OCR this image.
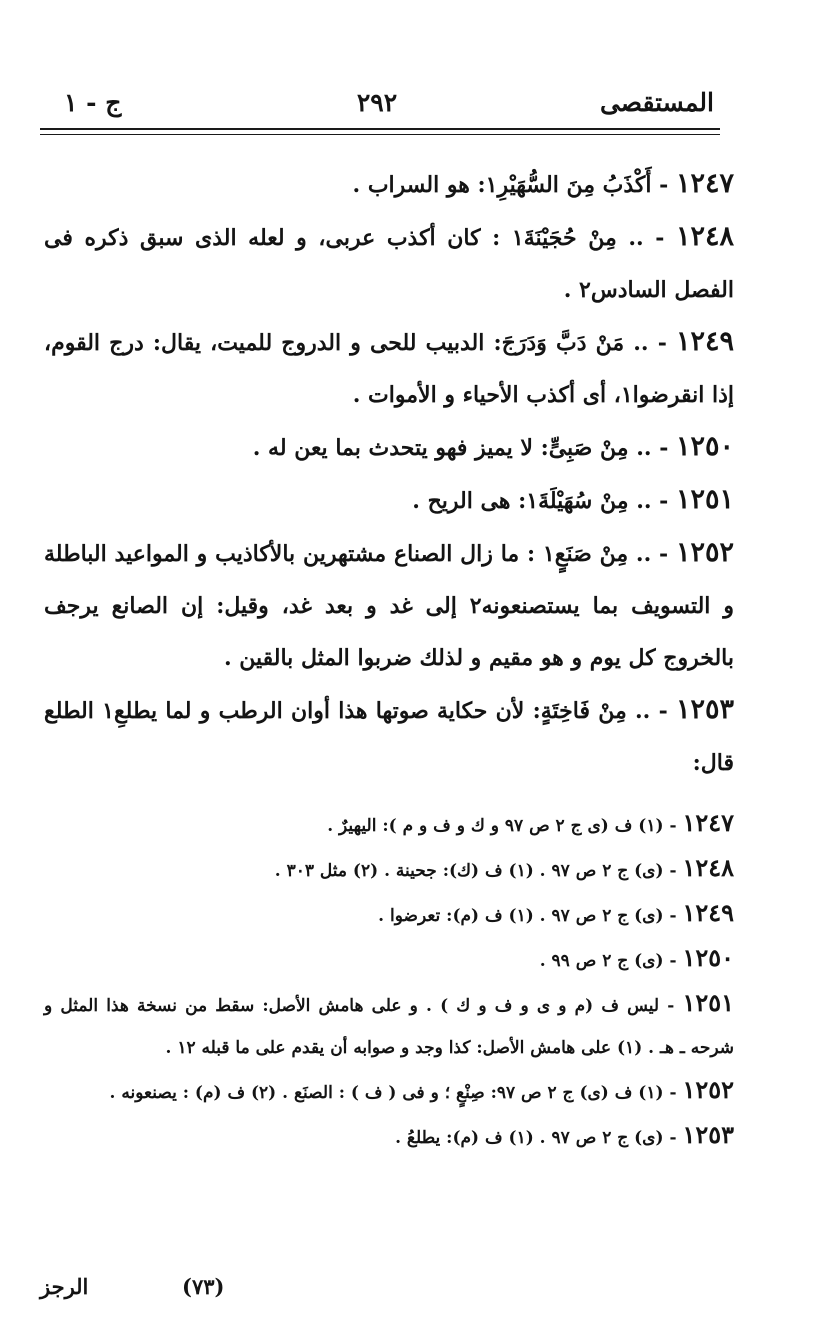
المستقصى
٢٩٢
ج - ١

١٢٤٧ - أَكْذَبُ مِنَ السُّهَيْرِ١: هو السراب .

١٢٤٨ - .. مِنْ حُجَيْنَةَ١ : كان أكذب عربى، و لعله الذى سبق ذكره فى الفصل السادس٢ .

١٢٤٩ - .. مَنْ دَبَّ وَدَرَجَ: الدبيب للحى و الدروج للميت، يقال: درج القوم، إذا انقرضوا١، أى أكذب الأحياء و الأموات .

١٢٥٠ - .. مِنْ صَبِىٍّ: لا يميز فهو يتحدث بما يعن له .

١٢٥١ - .. مِنْ سُهَيْلَةَ١: هى الريح .

١٢٥٢ - .. مِنْ صَنَعٍ١ : ما زال الصناع مشتهرين بالأكاذيب و المواعيد الباطلة و التسويف بما يستصنعونه٢ إلى غد و بعد غد، وقيل: إن الصانع يرجف بالخروج كل يوم و هو مقيم و لذلك ضربوا المثل بالقين .

١٢٥٣ - .. مِنْ فَاخِتَةٍ: لأن حكاية صوتها هذا أوان الرطب و لما يطلعِ١ الطلع قال:

١٢٤٧ - (١) ف (ى ج ٢ ص ٩٧ و ك و ف و م ): اليهيرٌ .

١٢٤٨ - (ى) ج ٢ ص ٩٧ . (١) ف (ك): جحينة . (٢) مثل ٣٠٣ .

١٢٤٩ - (ى) ج ٢ ص ٩٧ . (١) ف (م): تعرضوا .

١٢٥٠ - (ى) ج ٢ ص ٩٩ .

١٢٥١ - ليس ف (م و ى و ف و ك ) . و على هامش الأصل: سقط من نسخة هذا المثل و شرحه ـ هـ . (١) على هامش الأصل: كذا وجد و صوابه أن يقدم على ما قبله ١٢ .

١٢٥٢ - (١) ف (ى) ج ٢ ص ٩٧: صِنْعٍ ؛ و فى ( ف ) : الصنَع . (٢) ف (م) : يصنعونه .

١٢٥٣ - (ى) ج ٢ ص ٩٧ . (١) ف (م): يطلعُ .

(٧٣)
الرجز
